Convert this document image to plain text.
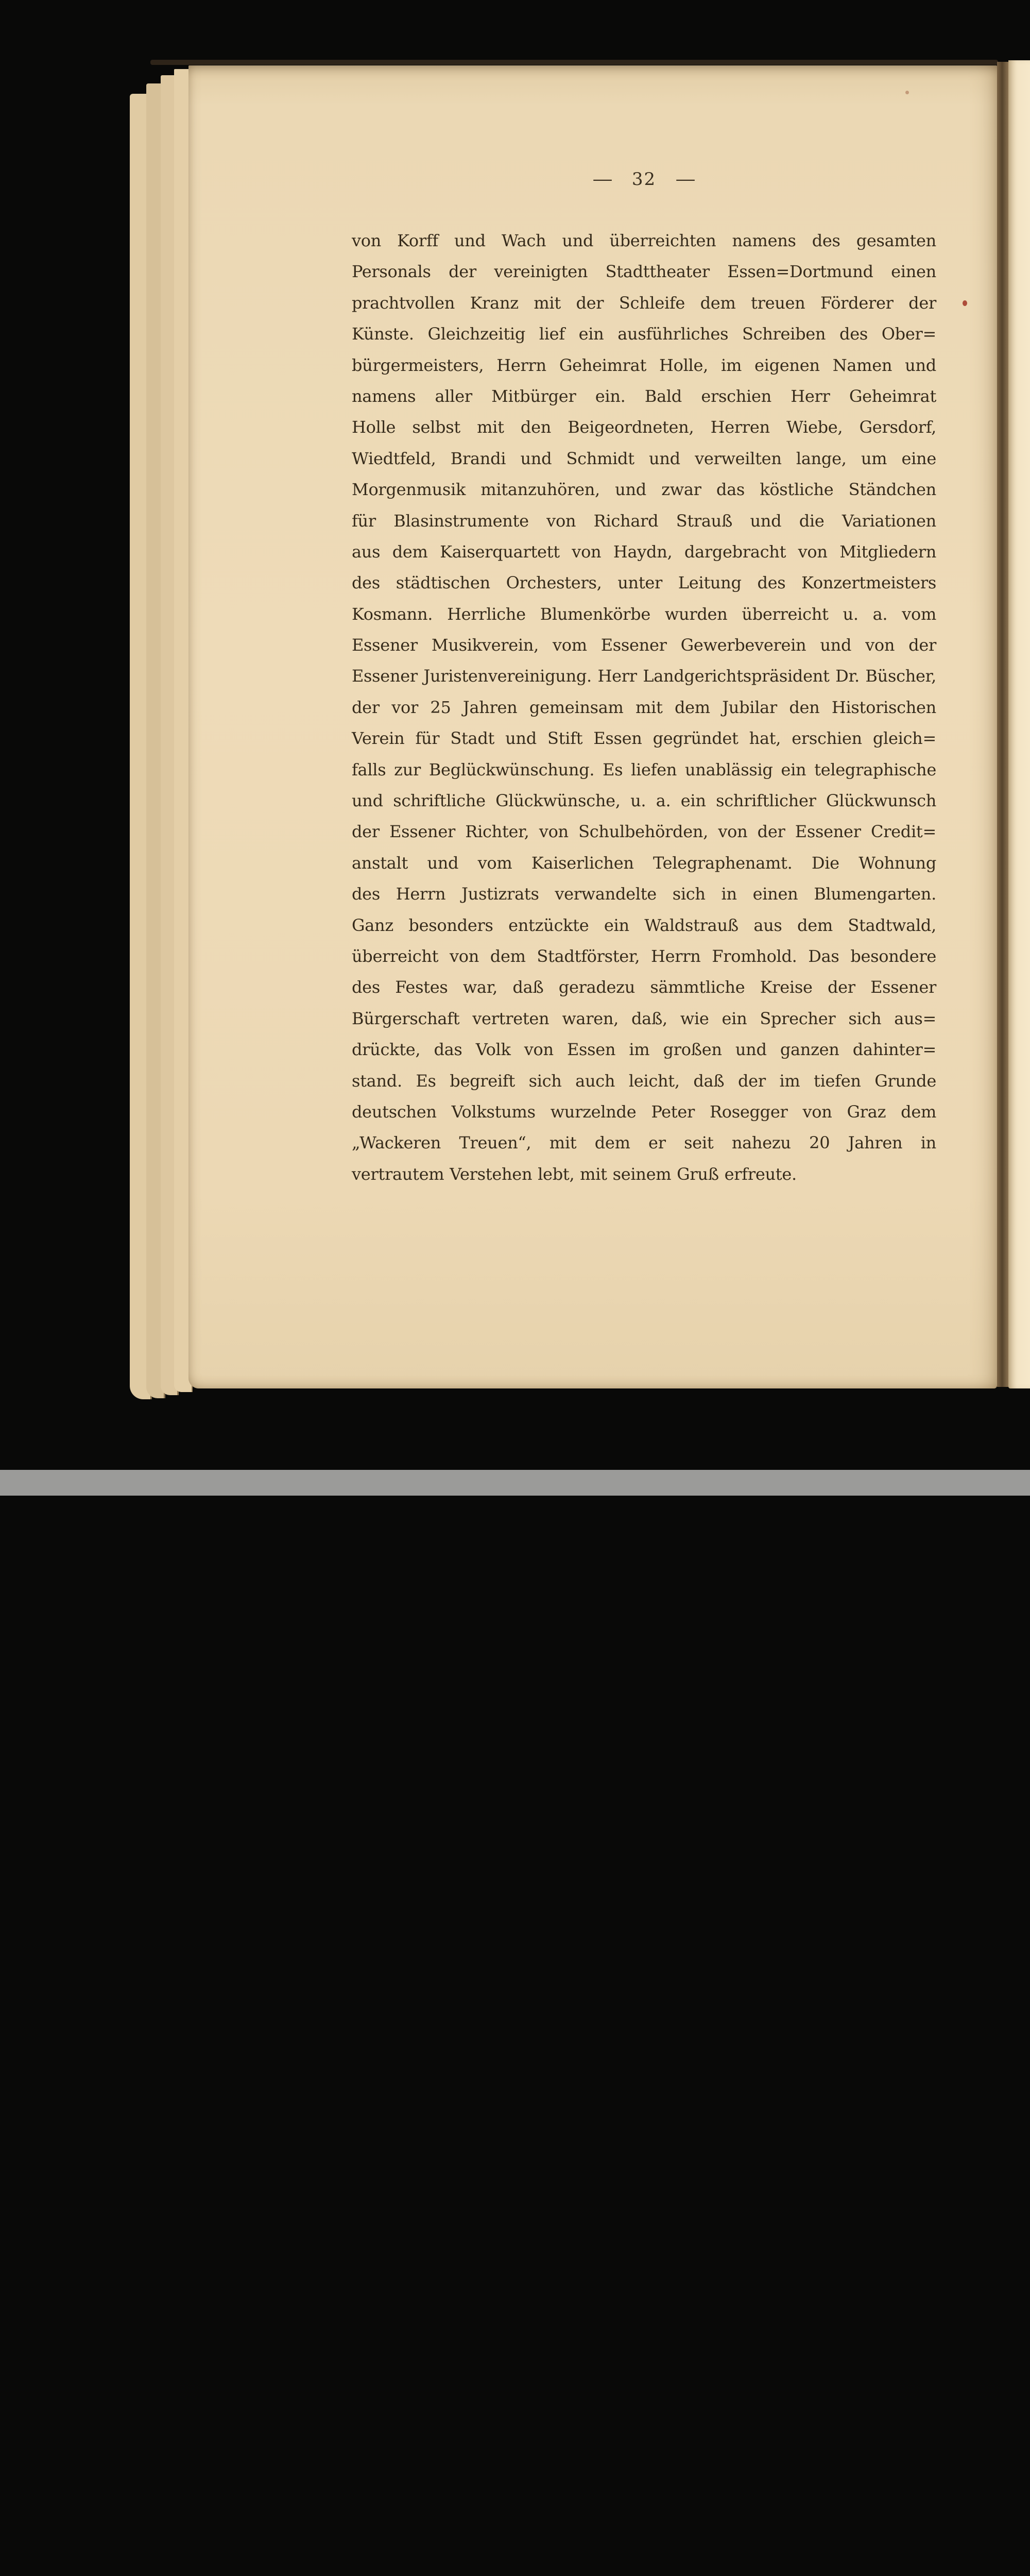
— 32 —
von Korff und Wach und überreichten namens des gesamten
Personals der vereinigten Stadttheater Essen=Dortmund einen
prachtvollen Kranz mit der Schleife dem treuen Förderer der
Künste. Gleichzeitig lief ein ausführliches Schreiben des Ober=
bürgermeisters, Herrn Geheimrat Holle, im eigenen Namen und
namens aller Mitbürger ein. Bald erschien Herr Geheimrat
Holle selbst mit den Beigeordneten, Herren Wiebe, Gersdorf,
Wiedtfeld, Brandi und Schmidt und verweilten lange, um eine
Morgenmusik mitanzuhören, und zwar das köstliche Ständchen
für Blasinstrumente von Richard Strauß und die Variationen
aus dem Kaiserquartett von Haydn, dargebracht von Mitgliedern
des städtischen Orchesters, unter Leitung des Konzertmeisters
Kosmann. Herrliche Blumenkörbe wurden überreicht u. a. vom
Essener Musikverein, vom Essener Gewerbeverein und von der
Essener Juristenvereinigung. Herr Landgerichtspräsident Dr. Büscher,
der vor 25 Jahren gemeinsam mit dem Jubilar den Historischen
Verein für Stadt und Stift Essen gegründet hat, erschien gleich=
falls zur Beglückwünschung. Es liefen unablässig ein telegraphische
und schriftliche Glückwünsche, u. a. ein schriftlicher Glückwunsch
der Essener Richter, von Schulbehörden, von der Essener Credit=
anstalt und vom Kaiserlichen Telegraphenamt. Die Wohnung
des Herrn Justizrats verwandelte sich in einen Blumengarten.
Ganz besonders entzückte ein Waldstrauß aus dem Stadtwald,
überreicht von dem Stadtförster, Herrn Fromhold. Das besondere
des Festes war, daß geradezu sämmtliche Kreise der Essener
Bürgerschaft vertreten waren, daß, wie ein Sprecher sich aus=
drückte, das Volk von Essen im großen und ganzen dahinter=
stand. Es begreift sich auch leicht, daß der im tiefen Grunde
deutschen Volkstums wurzelnde Peter Rosegger von Graz dem
„Wackeren Treuen“, mit dem er seit nahezu 20 Jahren in
vertrautem Verstehen lebt, mit seinem Gruß erfreute.
